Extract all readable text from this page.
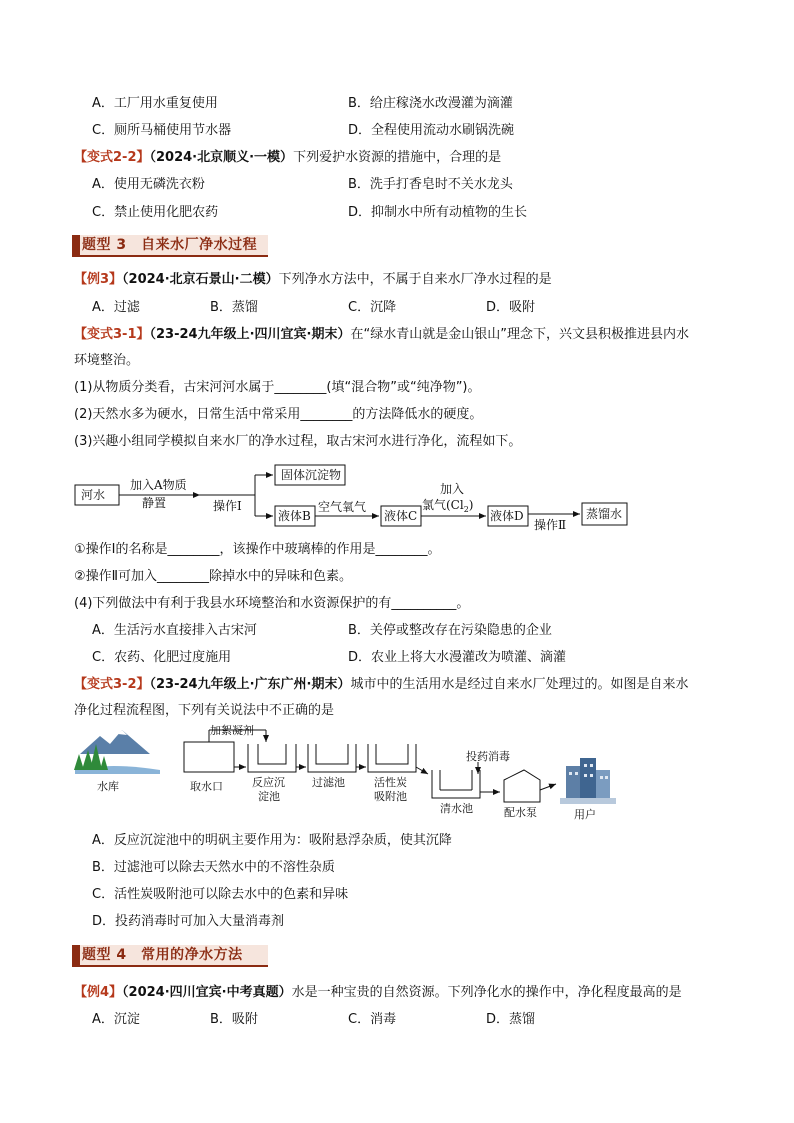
A．工厂用水重复使用	B．给庄稼浇水改漫灌为滴灌
C．厕所马桶使用节水器	D．全程使用流动水刷锅洗碗
【变式2-2】（2024·北京顺义·一模）下列爱护水资源的措施中，合理的是
A．使用无磷洗衣粉	B．洗手打香皂时不关水龙头
C．禁止使用化肥农药	D．抑制水中所有动植物的生长
题型 3　自来水厂净水过程
【例3】（2024·北京石景山·二模）下列净水方法中，不属于自来水厂净水过程的是
A．过滤	B．蒸馏	C．沉降	D．吸附
【变式3-1】（23-24九年级上·四川宜宾·期末）在“绿水青山就是金山银山”理念下，兴文县积极推进县内水
环境整治。
(1)从物质分类看，古宋河河水属于________(填“混合物”或“纯净物”)。
(2)天然水多为硬水，日常生活中常采用________的方法降低水的硬度。
(3)兴趣小组同学模拟自来水厂的净水过程，取古宋河水进行净化，流程如下。
河水
加入A物质
静置	操作Ⅰ
固体沉淀物
液体B
空气氧气
液体C
加入
氯气$(Cl_2)$
液体D
操作Ⅱ
蒸馏水
①操作Ⅰ的名称是________，该操作中玻璃棒的作用是________。
②操作Ⅱ可加入________除掉水中的异味和色素。
(4)下列做法中有利于我县水环境整治和水资源保护的有__________。
A．生活污水直接排入古宋河	B．关停或整改存在污染隐患的企业
C．农药、化肥过度施用	D．农业上将大水漫灌改为喷灌、滴灌
【变式3-2】（23-24九年级上·广东广州·期末）城市中的生活用水是经过自来水厂处理过的。如图是自来水
净化过程流程图，下列有关说法中不正确的是
水库	取水口
加絮凝剂
反应沉
淀池
过滤池	活性炭
吸附池
投药消毒
清水池	配水泵	用户
A．反应沉淀池中的明矾主要作用为：吸附悬浮杂质，使其沉降
B．过滤池可以除去天然水中的不溶性杂质
C．活性炭吸附池可以除去水中的色素和异味
D．投药消毒时可加入大量消毒剂
题型 4　常用的净水方法
【例4】（2024·四川宜宾·中考真题）水是一种宝贵的自然资源。下列净化水的操作中，净化程度最高的是
A．沉淀	B．吸附	C．消毒	D．蒸馏
